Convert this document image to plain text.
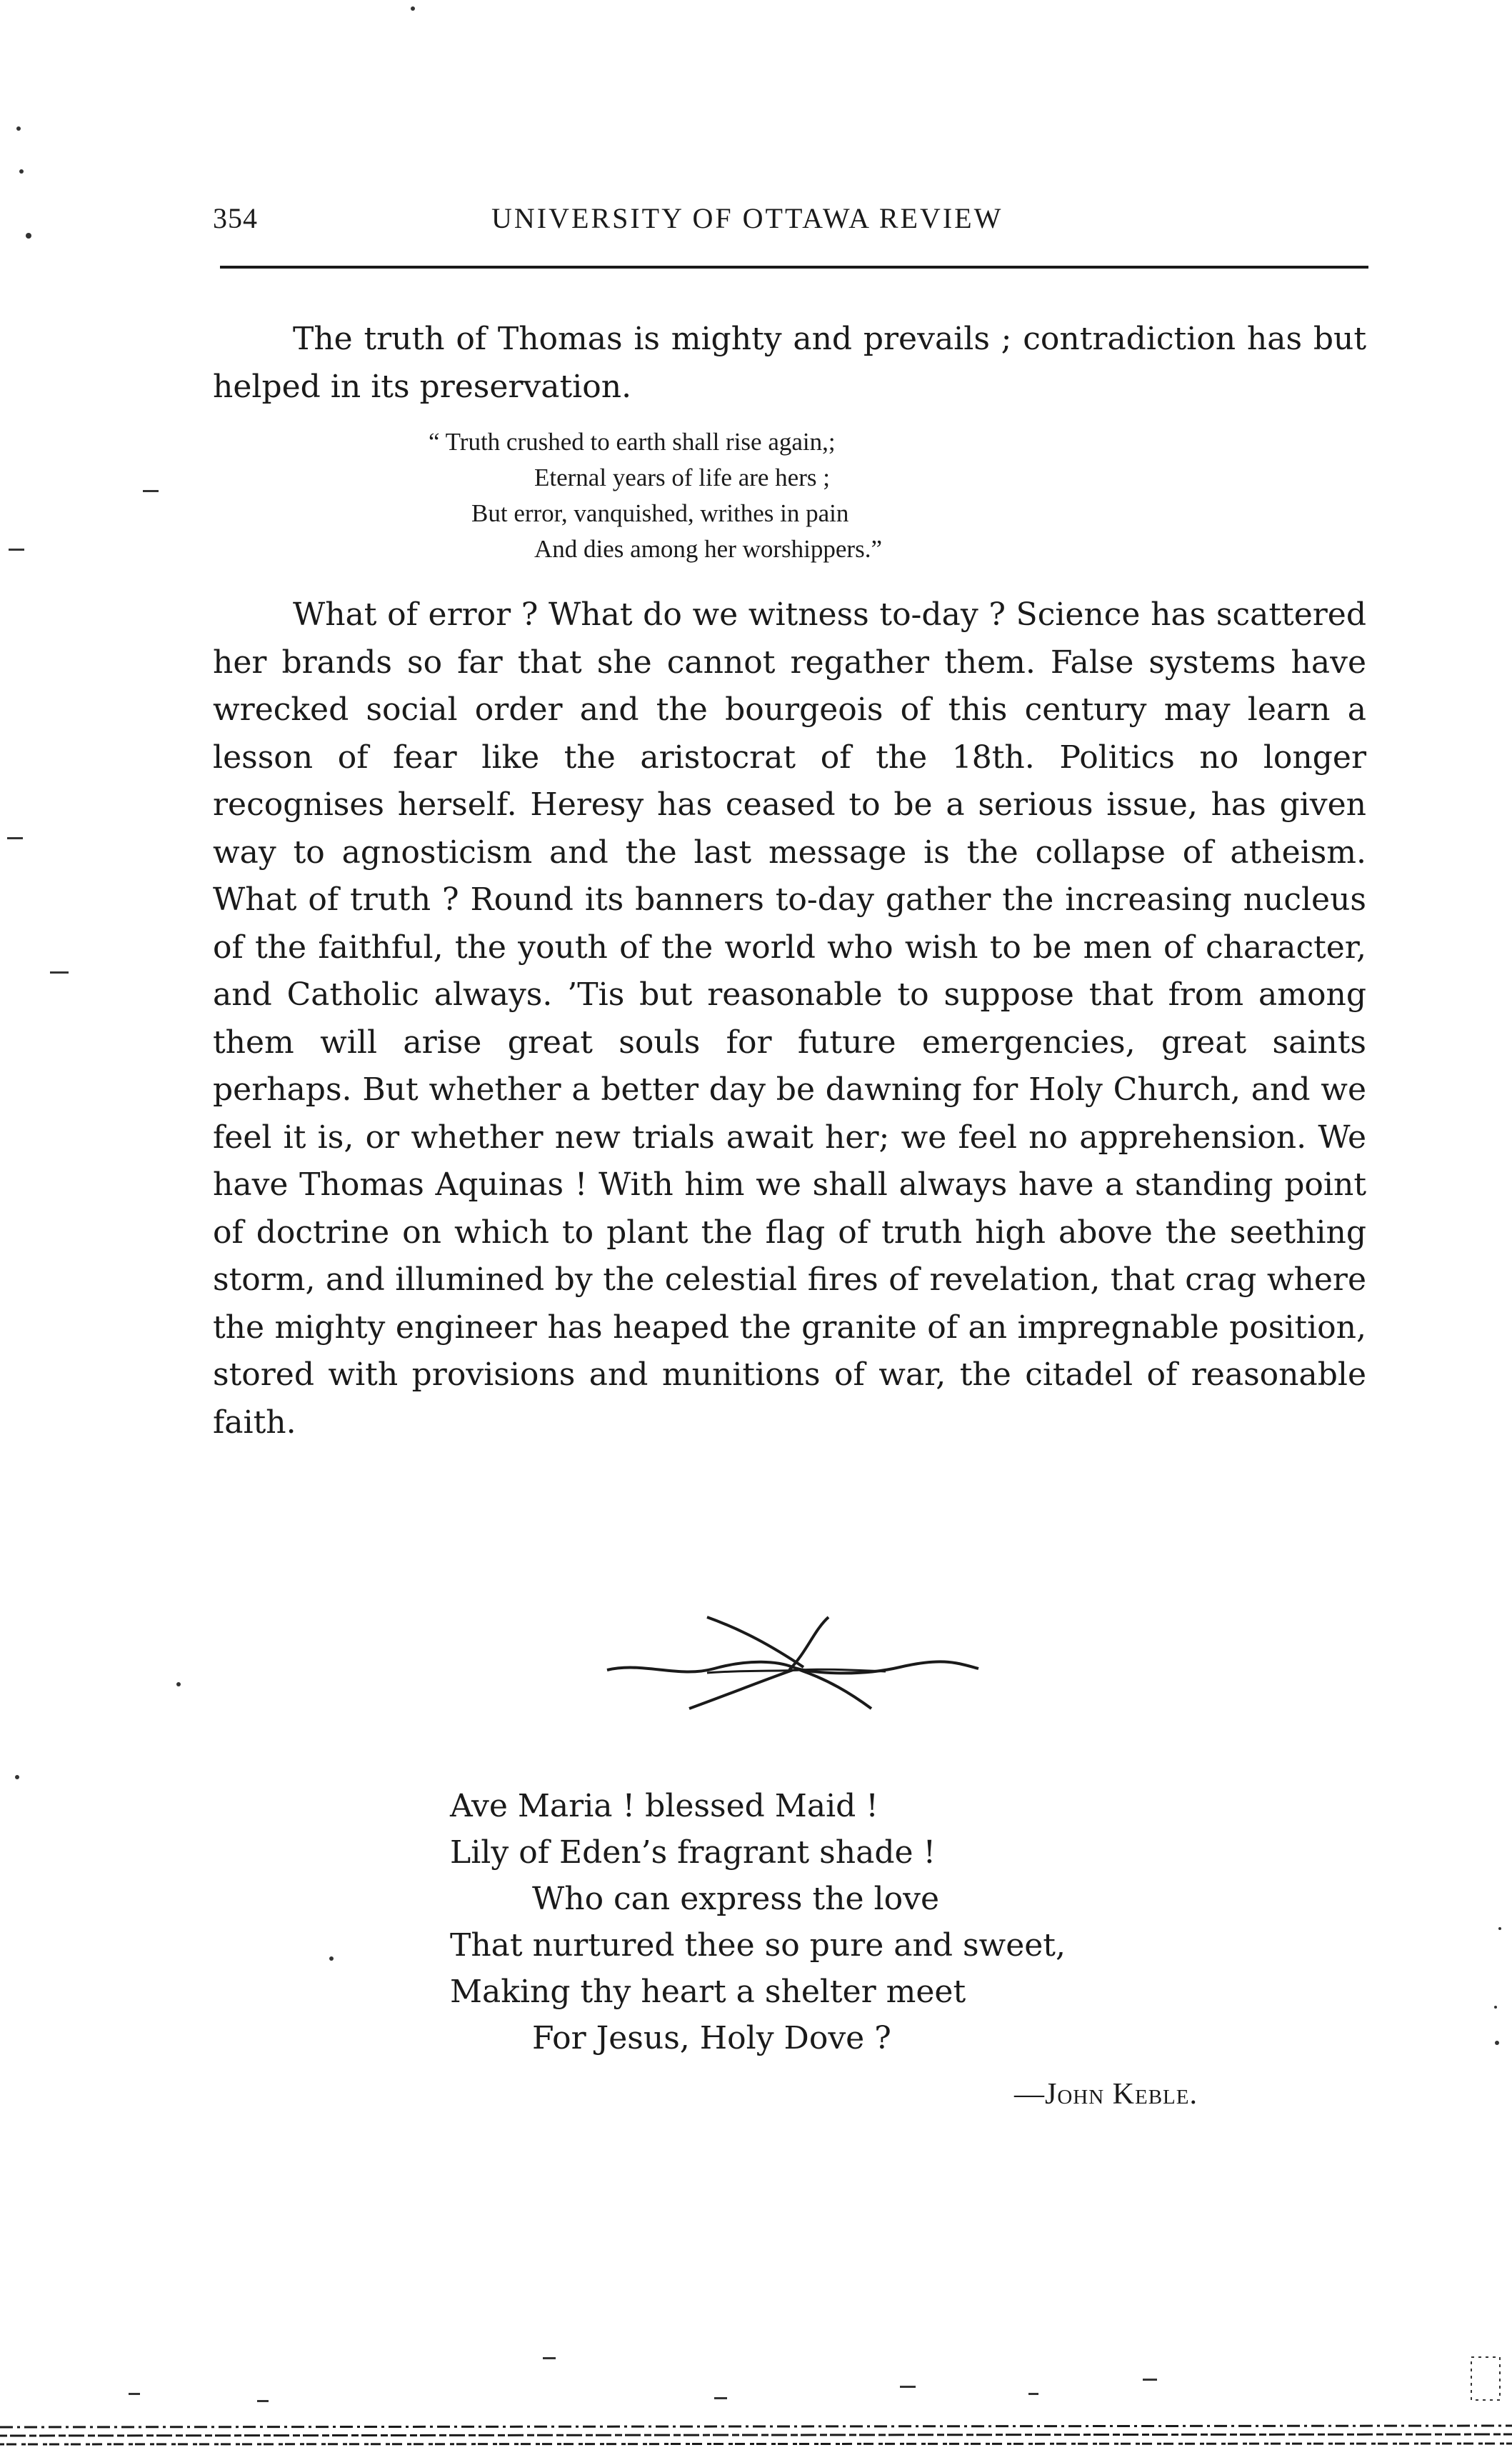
354	UNIVERSITY OF OTTAWA REVIEW

The truth of Thomas is mighty and prevails ; contradiction has but helped in its preservation.

“ Truth crushed to earth shall rise again,;
Eternal years of life are hers ;
But error, vanquished, writhes in pain
And dies among her worshippers.”

What of error ? What do we witness to-day ? Science has scattered her brands so far that she cannot regather them. False systems have wrecked social order and the bourgeois of this century may learn a lesson of fear like the aristocrat of the 18th. Politics no longer recognises herself. Heresy has ceased to be a serious issue, has given way to agnosticism and the last message is the collapse of atheism. What of truth ? Round its banners to-day gather the increasing nucleus of the faithful, the youth of the world who wish to be men of character, and Catholic always. ’Tis but reasonable to suppose that from among them will arise great souls for future emergencies, great saints perhaps. But whether a better day be dawning for Holy Church, and we feel it is, or whether new trials await her; we feel no apprehension. We have Thomas Aquinas ! With him we shall always have a standing point of doctrine on which to plant the flag of truth high above the seething storm, and illumined by the celestial fires of revelation, that crag where the mighty engineer has heaped the granite of an impregnable position, stored with provisions and munitions of war, the citadel of reasonable faith.

Ave Maria ! blessed Maid !
Lily of Eden’s fragrant shade !
Who can express the love
That nurtured thee so pure and sweet,
Making thy heart a shelter meet
For Jesus, Holy Dove ?
—John Keble.
